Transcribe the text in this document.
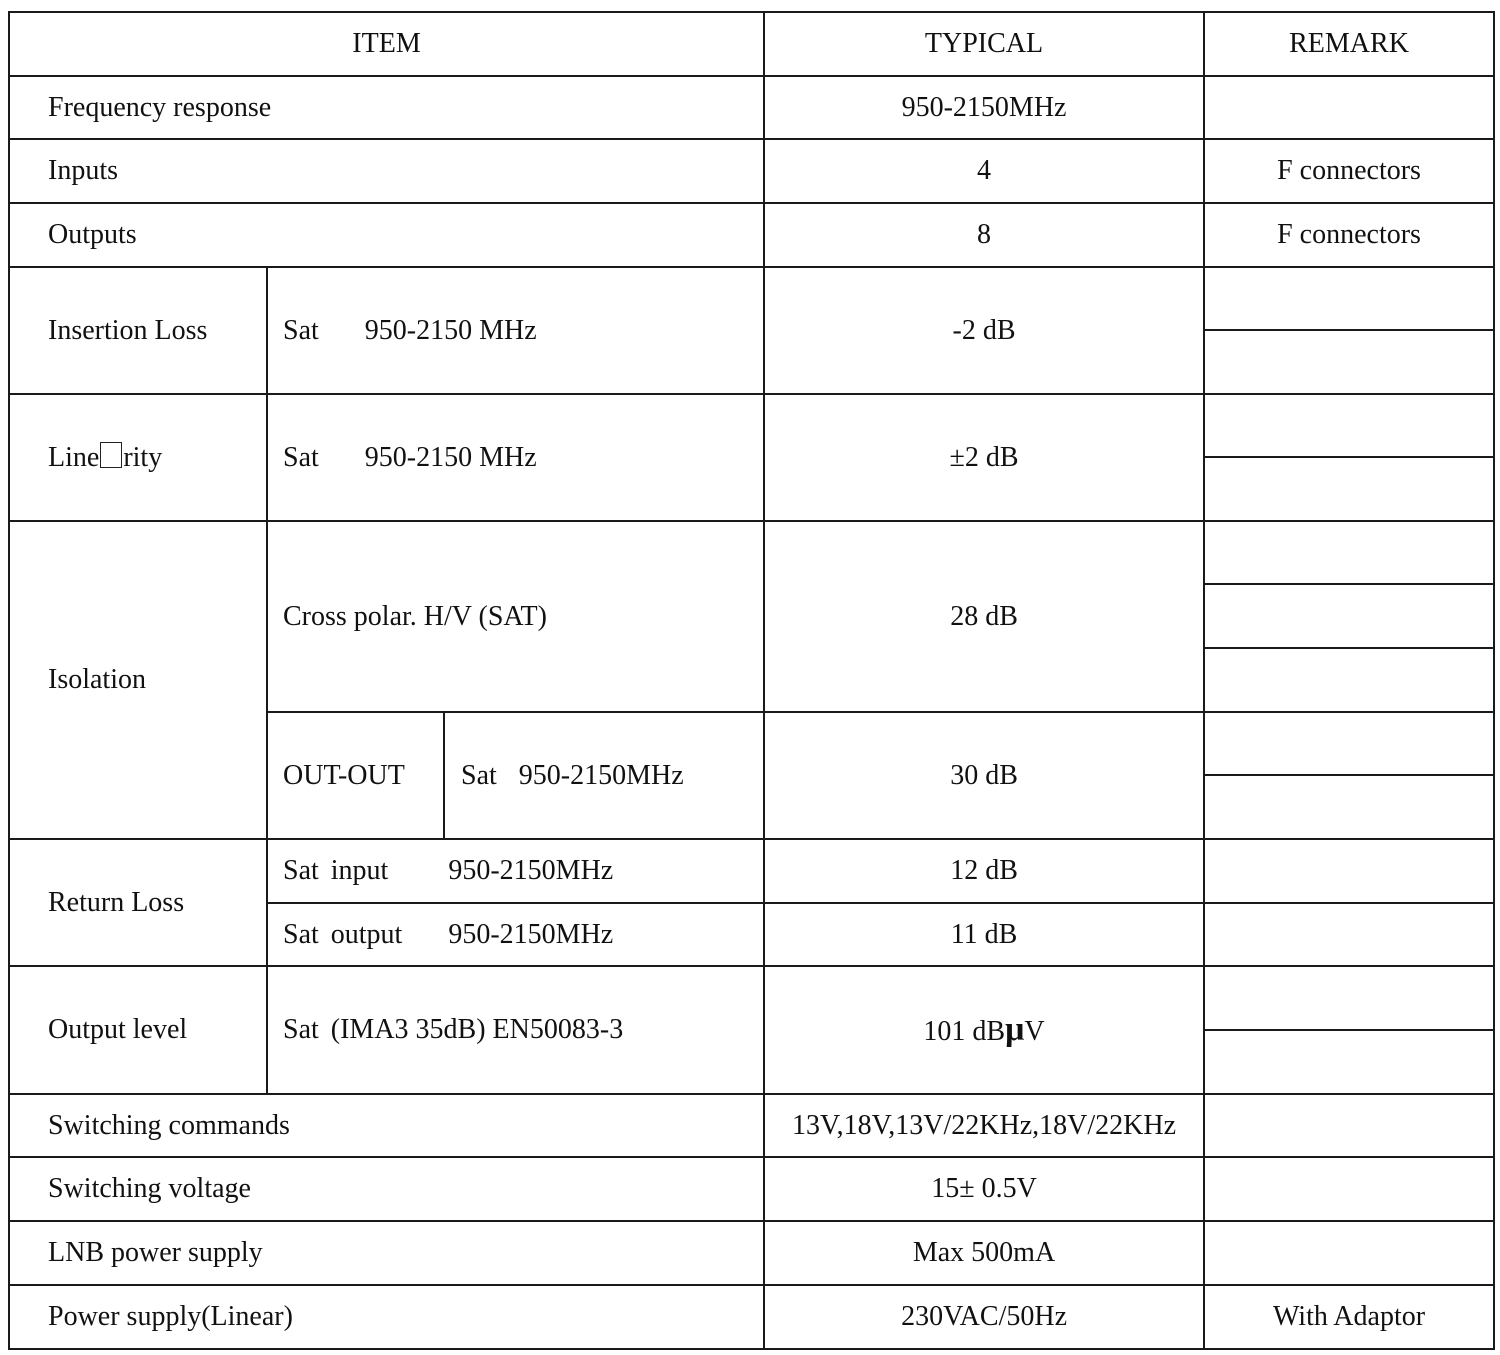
ITEM			TYPICAL	REMARK
Frequency response			950-2150MHz	
Inputs			4	F connectors
Outputs			8	F connectors
Insertion Loss	Sat 950-2150 MHz		-2 dB	

Line rity	Sat 950-2150 MHz		±2 dB	

Isolation	Cross polar. H/V (SAT)		28 dB	

	OUT-OUT	Sat 950-2150MHz	30 dB	

Return Loss	Sat input 950-2150MHz		12 dB	
	Sat output 950-2150MHz		11 dB	
Output level	Sat (IMA3 35dB) EN50083-3		101 dBμV	

Switching commands			13V,18V,13V/22KHz,18V/22KHz	
Switching voltage			15± 0.5V	
LNB power supply			Max 500mA	
Power supply(Linear)			230VAC/50Hz	With Adaptor
